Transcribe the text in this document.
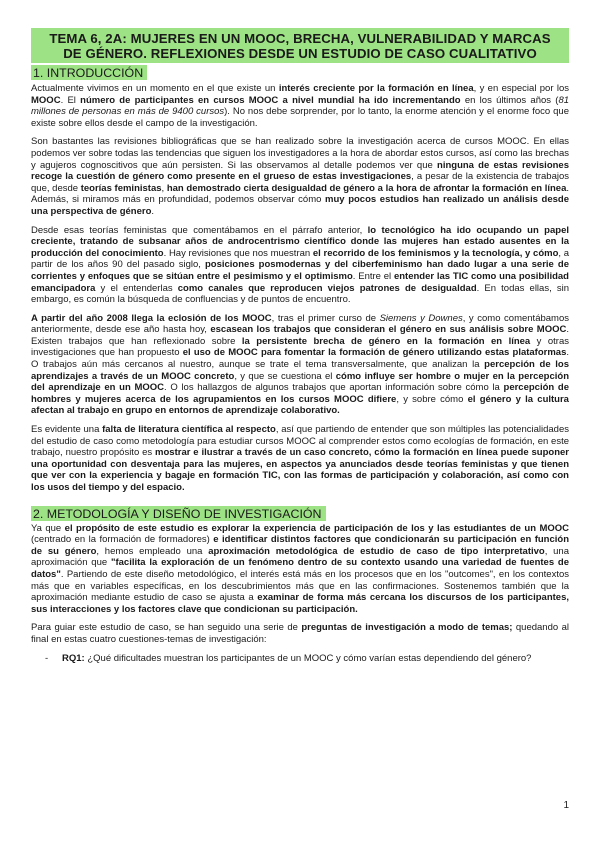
TEMA 6, 2A: MUJERES EN UN MOOC, BRECHA, VULNERABILIDAD Y MARCAS
DE GÉNERO. REFLEXIONES DESDE UN ESTUDIO DE CASO CUALITATIVO
1. INTRODUCCIÓN

Actualmente vivimos en un momento en el que existe un interés creciente por la formación en línea, y en especial por los MOOC. El número de participantes en cursos MOOC a nivel mundial ha ido incrementando en los últimos años (81 millones de personas en más de 9400 cursos). No nos debe sorprender, por lo tanto, la enorme atención y el enorme foco que existe sobre ellos desde el campo de la investigación.

Son bastantes las revisiones bibliográficas que se han realizado sobre la investigación acerca de cursos MOOC. En ellas podemos ver sobre todas las tendencias que siguen los investigadores a la hora de abordar estos cursos, así como las brechas y agujeros cognoscitivos que aún persisten. Si las observamos al detalle podemos ver que ninguna de estas revisiones recoge la cuestión de género como presente en el grueso de estas investigaciones, a pesar de la existencia de trabajos que, desde teorías feministas, han demostrado cierta desigualdad de género a la hora de afrontar la formación en línea. Además, si miramos más en profundidad, podemos observar cómo muy pocos estudios han realizado un análisis desde una perspectiva de género.

Desde esas teorías feministas que comentábamos en el párrafo anterior, lo tecnológico ha ido ocupando un papel creciente, tratando de subsanar años de androcentrismo científico donde las mujeres han estado ausentes en la producción del conocimiento. Hay revisiones que nos muestran el recorrido de los feminismos y la tecnología, y cómo, a partir de los años 90 del pasado siglo, posiciones posmodernas y del ciberfeminismo han dado lugar a una serie de corrientes y enfoques que se sitúan entre el pesimismo y el optimismo. Entre el entender las TIC como una posibilidad emancipadora y el entenderlas como canales que reproducen viejos patrones de desigualdad. En todas ellas, sin embargo, es común la búsqueda de confluencias y de puntos de encuentro.

A partir del año 2008 llega la eclosión de los MOOC, tras el primer curso de Siemens y Downes, y como comentábamos anteriormente, desde ese año hasta hoy, escasean los trabajos que consideran el género en sus análisis sobre MOOC. Existen trabajos que han reflexionado sobre la persistente brecha de género en la formación en línea y otras investigaciones que han propuesto el uso de MOOC para fomentar la formación de género utilizando estas plataformas. O trabajos aún más cercanos al nuestro, aunque se trate el tema transversalmente, que analizan la percepción de los aprendizajes a través de un MOOC concreto, y que se cuestiona el cómo influye ser hombre o mujer en la percepción del aprendizaje en un MOOC. O los hallazgos de algunos trabajos que aportan información sobre cómo la percepción de hombres y mujeres acerca de los agrupamientos en los cursos MOOC difiere, y sobre cómo el género y la cultura afectan al trabajo en grupo en entornos de aprendizaje colaborativo.

Es evidente una falta de literatura científica al respecto, así que partiendo de entender que son múltiples las potencialidades del estudio de caso como metodología para estudiar cursos MOOC al comprender estos como ecologías de formación, en este trabajo, nuestro propósito es mostrar e ilustrar a través de un caso concreto, cómo la formación en línea puede suponer una oportunidad con desventaja para las mujeres, en aspectos ya anunciados desde teorías feministas y que tienen que ver con la experiencia y bagaje en formación TIC, con las formas de participación y colaboración, así como con los usos del tiempo y del espacio.

2. METODOLOGÍA Y DISEÑO DE INVESTIGACIÓN

Ya que el propósito de este estudio es explorar la experiencia de participación de los y las estudiantes de un MOOC (centrado en la formación de formadores) e identificar distintos factores que condicionarán su participación en función de su género, hemos empleado una aproximación metodológica de estudio de caso de tipo interpretativo, una aproximación que "facilita la exploración de un fenómeno dentro de su contexto usando una variedad de fuentes de datos". Partiendo de este diseño metodológico, el interés está más en los procesos que en los "outcomes", en los contextos más que en variables específicas, en los descubrimientos más que en las confirmaciones. Sostenemos también que la aproximación mediante estudio de caso se ajusta a examinar de forma más cercana los discursos de los participantes, sus interacciones y los factores clave que condicionan su participación.

Para guiar este estudio de caso, se han seguido una serie de preguntas de investigación a modo de temas; quedando al final en estas cuatro cuestiones-temas de investigación:

- RQ1: ¿Qué dificultades muestran los participantes de un MOOC y cómo varían estas dependiendo del género?
1
